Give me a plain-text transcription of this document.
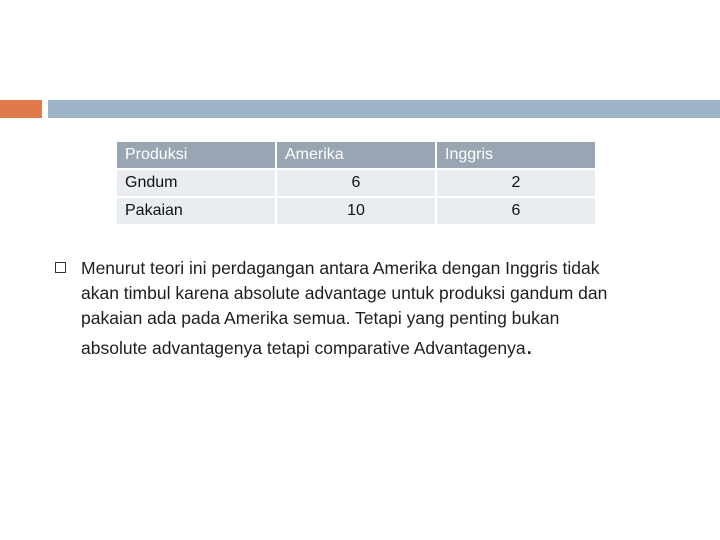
Produksi	Amerika	Inggris
Gndum	6	2
Pakaian	10	6
Menurut teori ini perdagangan antara Amerika dengan Inggris tidak
akan timbul karena absolute advantage untuk produksi gandum dan
pakaian ada pada Amerika semua. Tetapi yang penting bukan
absolute advantagenya tetapi comparative Advantagenya.
